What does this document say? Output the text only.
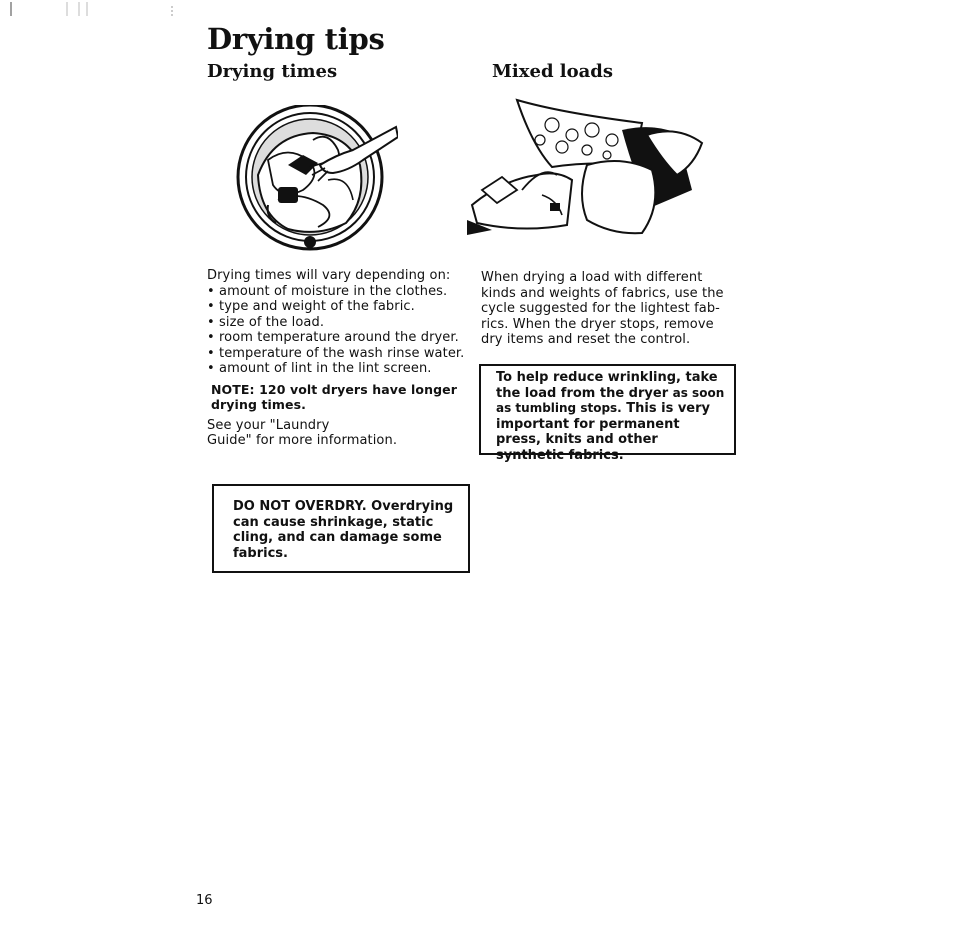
Drying tips
Drying times	Mixed loads
Drying times will vary depending on:
• amount of moisture in the clothes.
• type and weight of the fabric.
• size of the load.
• room temperature around the dryer.
• temperature of the wash rinse water.
• amount of lint in the lint screen.
NOTE: 120 volt dryers have longer drying times.
See your "Laundry
Guide" for more information.
DO NOT OVERDRY. Overdrying can cause shrinkage, static cling, and can damage some fabrics.
When drying a load with different
kinds and weights of fabrics, use the
cycle suggested for the lightest fab-
rics. When the dryer stops, remove
dry items and reset the control.
To help reduce wrinkling, take the load from the dryer as soon as tumbling stops. This is very important for permanent press, knits and other synthetic fabrics.
16
